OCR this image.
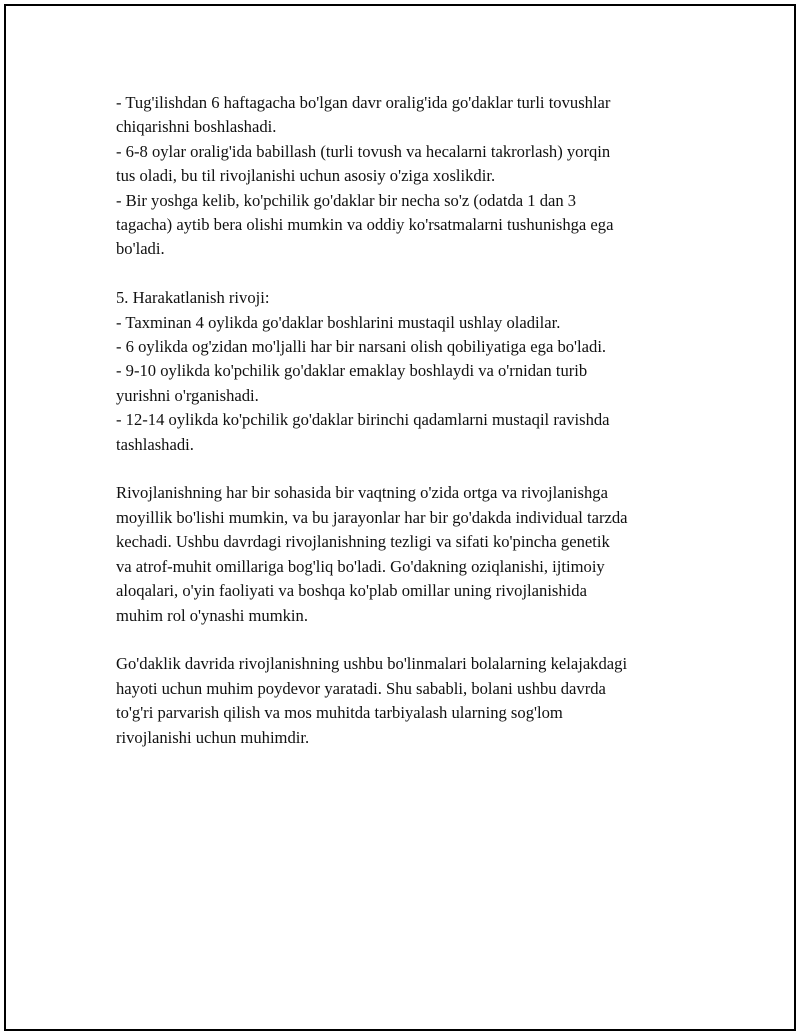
- Tug'ilishdan 6 haftagacha bo'lgan davr oralig'ida go'daklar turli tovushlar
chiqarishni boshlashadi.
- 6-8 oylar oralig'ida babillash (turli tovush va hecalarni takrorlash) yorqin
tus oladi, bu til rivojlanishi uchun asosiy o'ziga xoslikdir.
- Bir yoshga kelib, ko'pchilik go'daklar bir necha so'z (odatda 1 dan 3
tagacha) aytib bera olishi mumkin va oddiy ko'rsatmalarni tushunishga ega
bo'ladi.
5. Harakatlanish rivoji:
- Taxminan 4 oylikda go'daklar boshlarini mustaqil ushlay oladilar.
- 6 oylikda og'zidan mo'ljalli har bir narsani olish qobiliyatiga ega bo'ladi.
- 9-10 oylikda ko'pchilik go'daklar emaklay boshlaydi va o'rnidan turib
yurishni o'rganishadi.
- 12-14 oylikda ko'pchilik go'daklar birinchi qadamlarni mustaqil ravishda
tashlashadi.
Rivojlanishning har bir sohasida bir vaqtning o'zida ortga va rivojlanishga
moyillik bo'lishi mumkin, va bu jarayonlar har bir go'dakda individual tarzda
kechadi. Ushbu davrdagi rivojlanishning tezligi va sifati ko'pincha genetik
va atrof-muhit omillariga bog'liq bo'ladi. Go'dakning oziqlanishi, ijtimoiy
aloqalari, o'yin faoliyati va boshqa ko'plab omillar uning rivojlanishida
muhim rol o'ynashi mumkin.
Go'daklik davrida rivojlanishning ushbu bo'linmalari bolalarning kelajakdagi
hayoti uchun muhim poydevor yaratadi. Shu sababli, bolani ushbu davrda
to'g'ri parvarish qilish va mos muhitda tarbiyalash ularning sog'lom
rivojlanishi uchun muhimdir.
